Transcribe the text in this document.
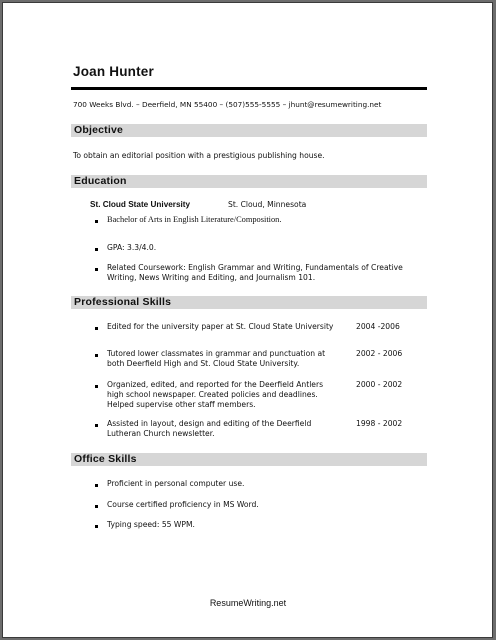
Joan Hunter
700 Weeks Blvd. – Deerfield, MN 55400 – (507)555-5555 – jhunt@resumewriting.net
Objective
To obtain an editorial position with a prestigious publishing house.
Education
St. Cloud State University	St. Cloud, Minnesota
Bachelor of Arts in English Literature/Composition.
GPA: 3.3/4.0.
Related Coursework: English Grammar and Writing, Fundamentals of Creative
Writing, News Writing and Editing, and Journalism 101.
Professional Skills
Edited for the university paper at St. Cloud State University	2004 -2006
Tutored lower classmates in grammar and punctuation at
both Deerfield High and St. Cloud State University.
2002 - 2006
Organized, edited, and reported for the Deerfield Antlers
high school newspaper. Created policies and deadlines.
Helped supervise other staff members.
2000 - 2002
Assisted in layout, design and editing of the Deerfield
Lutheran Church newsletter.
1998 - 2002
Office Skills
Proficient in personal computer use.
Course certified proficiency in MS Word.
Typing speed: 55 WPM.
ResumeWriting.net
